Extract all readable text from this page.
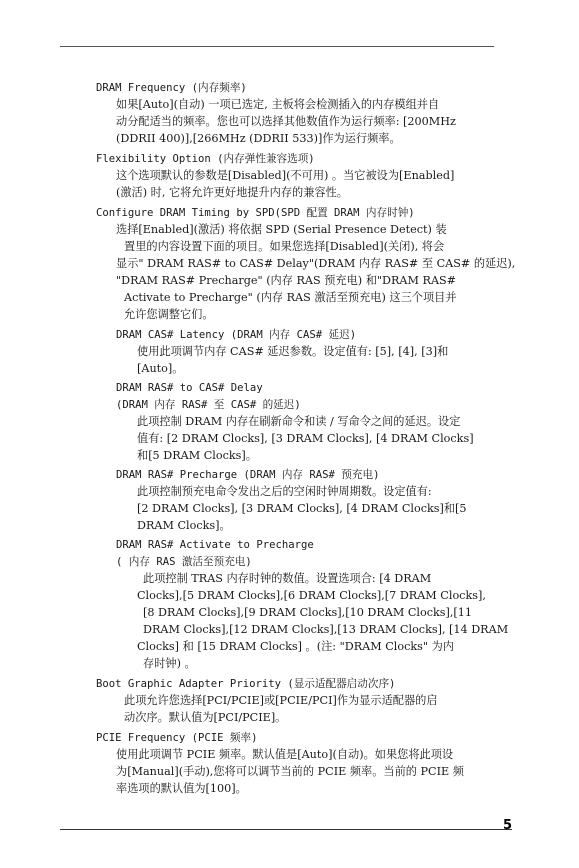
DRAM Frequency (内存频率)
如果[Auto](自动) 一项已选定, 主板将会检测插入的内存模组并自
动分配适当的频率。您也可以选择其他数值作为运行频率: [200MHz
(DDRII 400)],[266MHz (DDRII 533)]作为运行频率。
Flexibility Option (内存弹性兼容选项)
这个选项默认的参数是[Disabled](不可用) 。当它被设为[Enabled]
(激活) 时, 它将允许更好地提升内存的兼容性。
Configure DRAM Timing by SPD(SPD 配置 DRAM 内存时钟)
选择[Enabled](激活) 将依据 SPD (Serial Presence Detect) 装
置里的内容设置下面的项目。如果您选择[Disabled](关闭), 将会
显示" DRAM RAS# to CAS# Delay"(DRAM 内存 RAS# 至 CAS# 的延迟),
"DRAM RAS# Precharge" (内存 RAS 预充电) 和"DRAM RAS#
Activate to Precharge" (内存 RAS 激活至预充电) 这三个项目并
允许您调整它们。
DRAM CAS# Latency (DRAM 内存 CAS# 延迟)
使用此项调节内存 CAS# 延迟参数。设定值有: [5], [4], [3]和
[Auto]。
DRAM RAS# to CAS# Delay
(DRAM 内存 RAS# 至 CAS# 的延迟)
此项控制 DRAM 内存在刷新命令和读 / 写命令之间的延迟。设定
值有: [2 DRAM Clocks], [3 DRAM Clocks], [4 DRAM Clocks]
和[5 DRAM Clocks]。
DRAM RAS# Precharge (DRAM 内存 RAS# 预充电)
此项控制预充电命令发出之后的空闲时钟周期数。设定值有:
[2 DRAM Clocks], [3 DRAM Clocks], [4 DRAM Clocks]和[5
DRAM Clocks]。
DRAM RAS# Activate to Precharge
( 内存 RAS 激活至预充电)
此项控制 TRAS 内存时钟的数值。设置选项合: [4 DRAM
Clocks],[5 DRAM Clocks],[6 DRAM Clocks],[7 DRAM Clocks],
[8 DRAM Clocks],[9 DRAM Clocks],[10 DRAM Clocks],[11
DRAM Clocks],[12 DRAM Clocks],[13 DRAM Clocks], [14 DRAM
Clocks] 和 [15 DRAM Clocks] 。(注: "DRAM Clocks" 为内
存时钟) 。
Boot Graphic Adapter Priority (显示适配器启动次序)
此项允许您选择[PCI/PCIE]或[PCIE/PCI]作为显示适配器的启
动次序。默认值为[PCI/PCIE]。
PCIE Frequency (PCIE 频率)
使用此项调节 PCIE 频率。默认值是[Auto](自动)。如果您将此项设
为[Manual](手动),您将可以调节当前的 PCIE 频率。当前的 PCIE 频
率选项的默认值为[100]。
5
